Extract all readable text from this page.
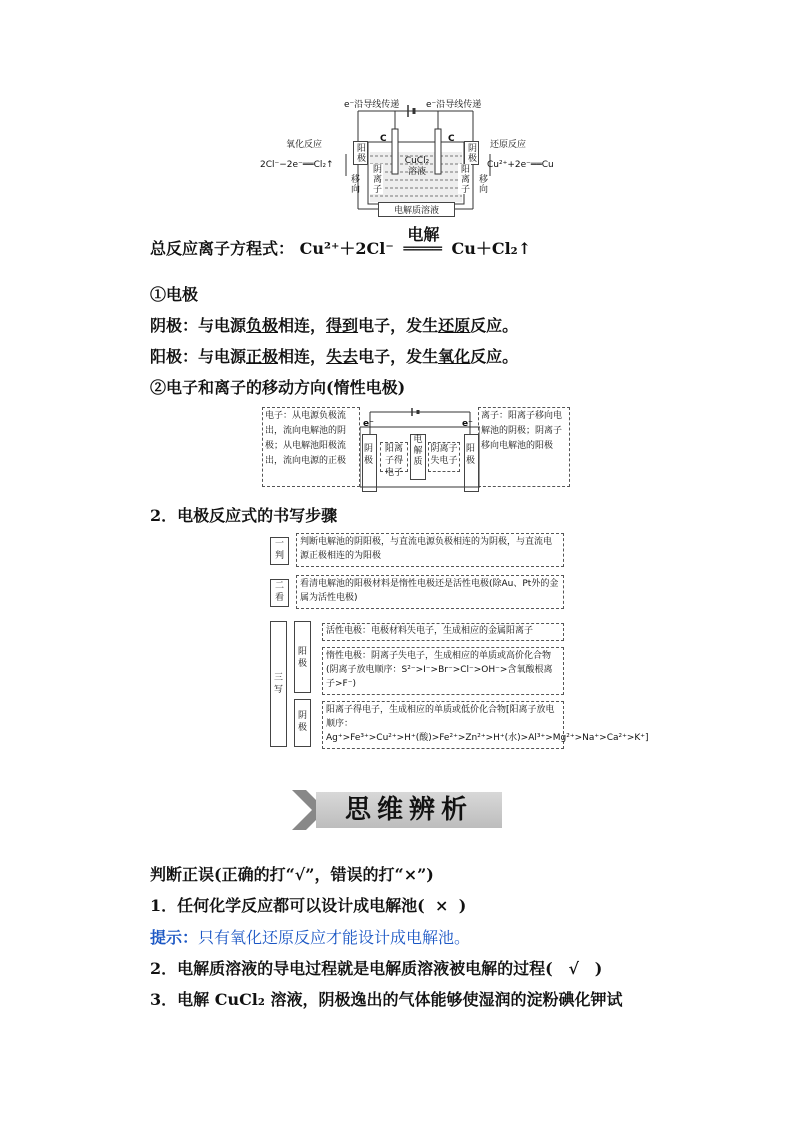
e⁻沿导线传递	e⁻沿导线传递
C	C
氧化反应	还原反应
2Cl⁻−2e⁻══Cl₂↑	Cu²⁺+2e⁻══Cu
阳极	阴极
CuCl₂溶液
阴离子	阳离子
移向	移向
电解质溶液
总反应离子方程式： Cu²⁺＋2Cl⁻
电解
════ Cu＋Cl₂↑
①电极
阴极：与电源负极相连，得到电子，发生还原反应。
阳极：与电源正极相连，失去电子，发生氧化反应。
②电子和离子的移动方向(惰性电极)
电子：从电源负极流出，流向电解池的阴极；从电解池阳极流出，流向电源的正极
离子：阳离子移向电解池的阴极；阴离子移向电解池的阳极
e⁻	e⁻
阴极
阳极
阳离子得电子
电解质
阴离子失电子
2．电极反应式的书写步骤
一判
判断电解池的阴阳极，与直流电源负极相连的为阴极，与直流电源正极相连的为阳极
二看
看清电解池的阳极材料是惰性电极还是活性电极(除Au、Pt外的金属为活性电极)
三写
阳极
阴极
活性电极：电极材料失电子，生成相应的金属阳离子
惰性电极：阴离子失电子，生成相应的单质或高价化合物(阴离子放电顺序：S²⁻>I⁻>Br⁻>Cl⁻>OH⁻>含氧酸根离子>F⁻)
阳离子得电子，生成相应的单质或低价化合物[阳离子放电顺序：Ag⁺>Fe³⁺>Cu²⁺>H⁺(酸)>Fe²⁺>Zn²⁺>H⁺(水)>Al³⁺>Mg²⁺>Na⁺>Ca²⁺>K⁺]
思维辨析
判断正误(正确的打“√”，错误的打“×”)
1．任何化学反应都可以设计成电解池( × )
提示：只有氧化还原反应才能设计成电解池。
2．电解质溶液的导电过程就是电解质溶液被电解的过程( √ )
3．电解 CuCl₂ 溶液，阴极逸出的气体能够使湿润的淀粉碘化钾试
